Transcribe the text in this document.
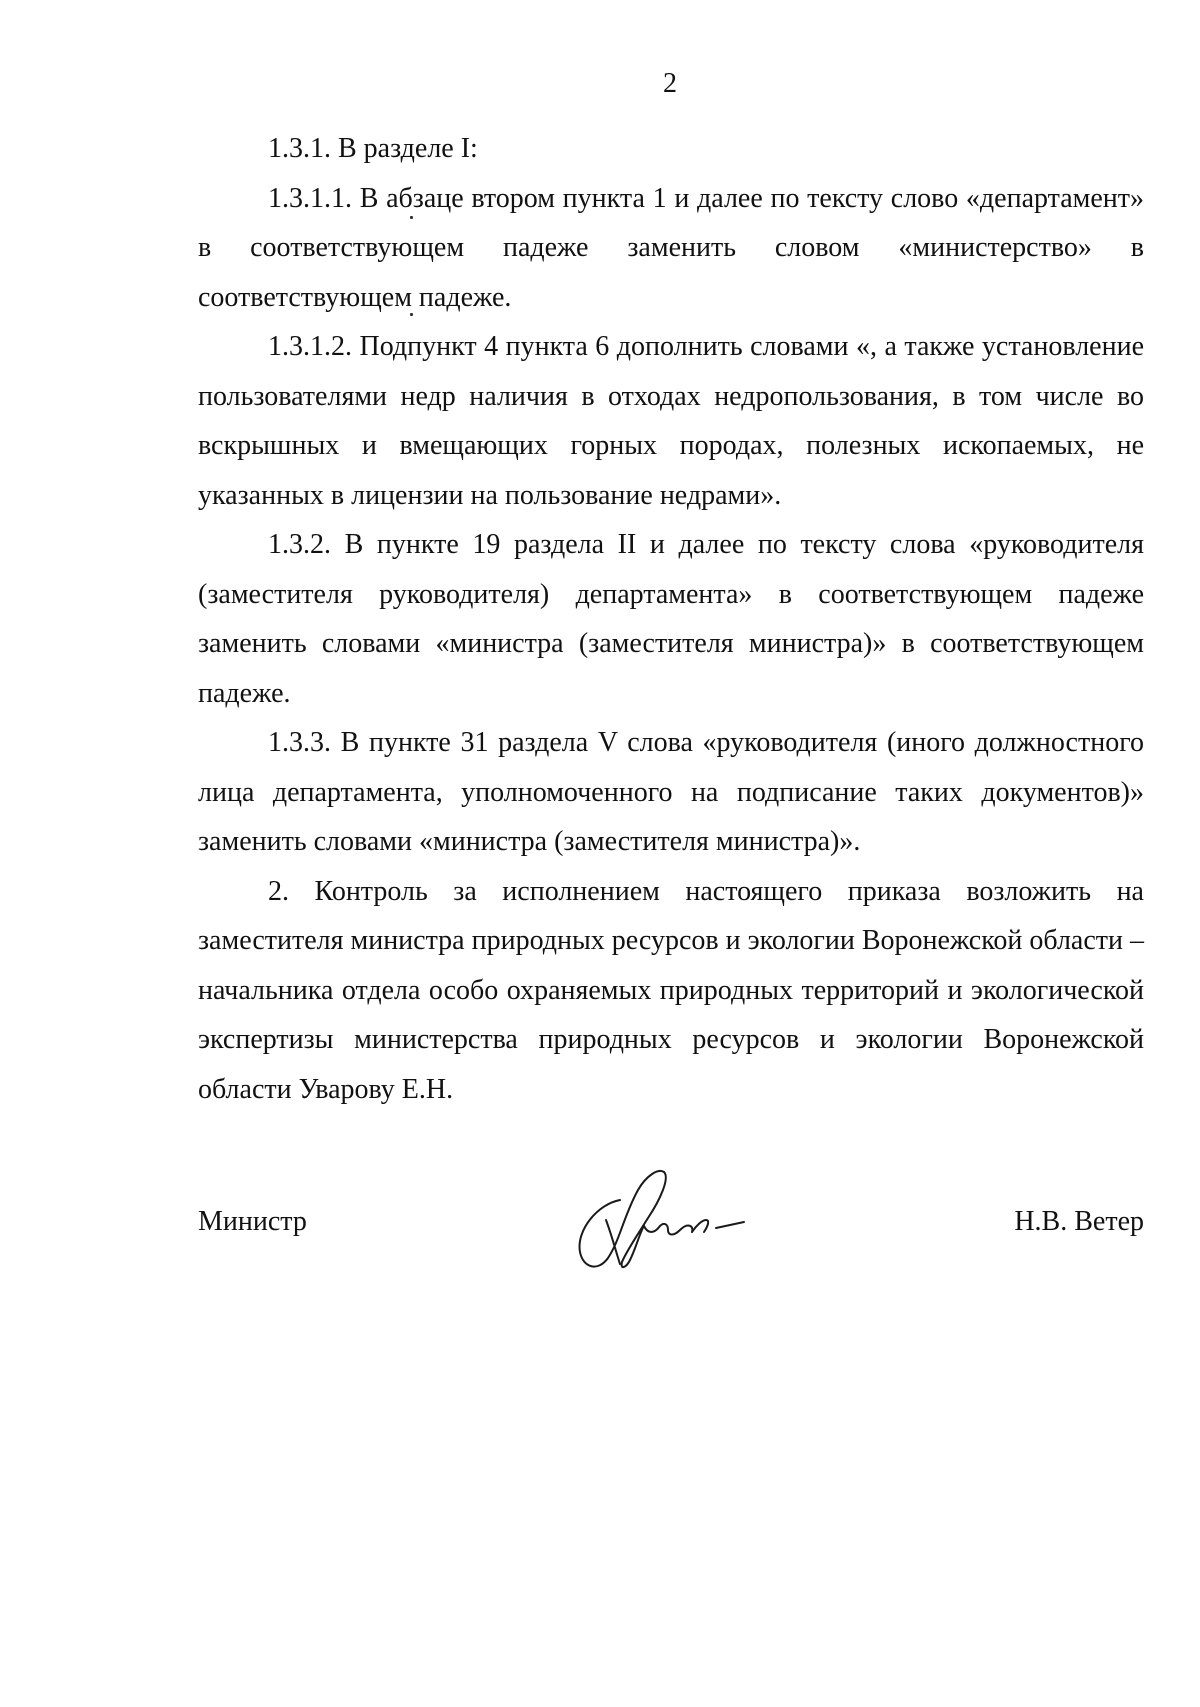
2

1.3.1. В разделе I:

1.3.1.1. В абзаце втором пункта 1 и далее по тексту слово «департамент» в соответствующем падеже заменить словом «министерство» в соответствующем падеже.

1.3.1.2. Подпункт 4 пункта 6 дополнить словами «, а также установление пользователями недр наличия в отходах недропользования, в том числе во вскрышных и вмещающих горных породах, полезных ископаемых, не указанных в лицензии на пользование недрами».

1.3.2. В пункте 19 раздела II и далее по тексту слова «руководителя (заместителя руководителя) департамента» в соответствующем падеже заменить словами «министра (заместителя министра)» в соответствующем падеже.

1.3.3. В пункте 31 раздела V слова «руководителя (иного должностного лица департамента, уполномоченного на подписание таких документов)» заменить словами «министра (заместителя министра)».

2. Контроль за исполнением настоящего приказа возложить на заместителя министра природных ресурсов и экологии Воронежской области – начальника отдела особо охраняемых природных территорий и экологической экспертизы министерства природных ресурсов и экологии Воронежской области Уварову Е.Н.

Министр	Н.В. Ветер
